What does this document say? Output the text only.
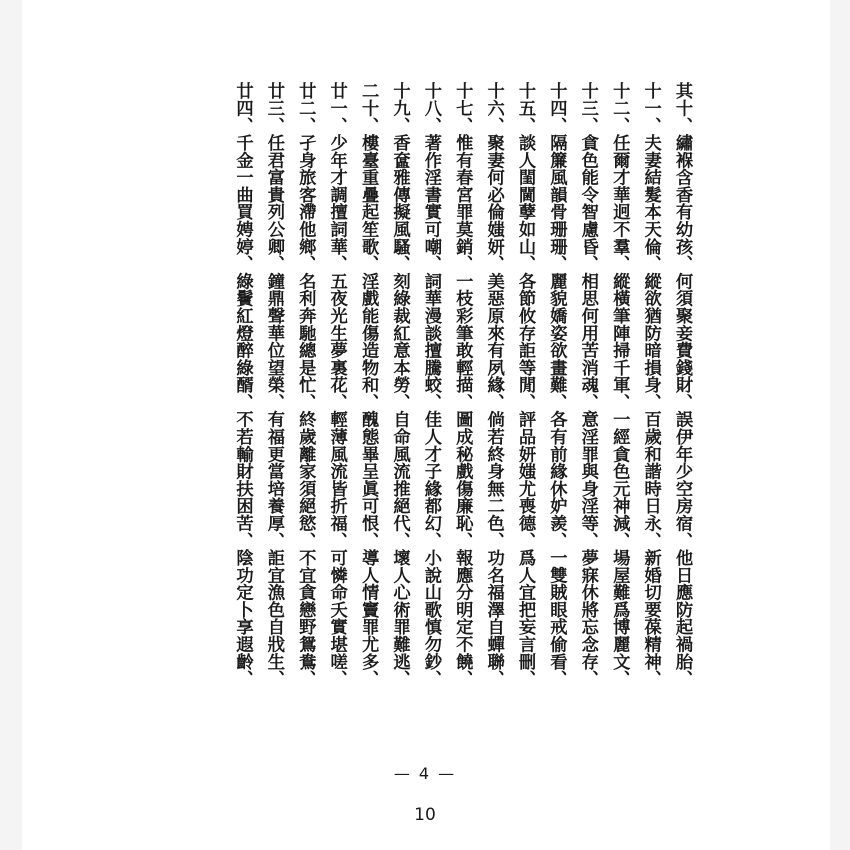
其十、繡褓含香有幼孩、何須聚妾費錢財、誤伊年少空房宿、他日應防起禍胎、
十一、夫妻結髮本天倫、縱欲猶防暗損身、百歲和諧時日永、新婚切要葆精神、
十二、任爾才華迥不羣、縱橫筆陣掃千軍、一經貪色元神減、場屋難爲博麗文、
十三、貪色能令智慮昏、相思何用苦消魂、意淫罪與身淫等、夢寐休將忘念存、
十四、隔簾風韻骨珊珊、麗貌嬌姿欲畫難、各有前緣休妒羨、一雙賊眼戒偷看、
十五、談人閨閫孽如山、各節攸存詎等閒、評品妍媸尤喪德、爲人宜把妄言刪、
十六、聚妻何必倫媸妍、美惡原來有夙緣、倘若終身無二色、功名福澤自蟬聯、
十七、惟有春宮罪莫銷、一枝彩筆敢輕描、圖成秘戲傷廉恥、報應分明定不饒、
十八、著作淫書實可嘲、詞華漫談擅騰蛟、佳人才子緣都幻、小說山歌慎勿鈔、
十九、香奩雅傳擬風騷、刻綠裁紅意本勞、自命風流推絕代、壞人心術罪難逃、
二十、樓臺重疊起笙歌、淫戲能傷造物和、醜態畢呈眞可恨、導人情竇罪尤多、
廿一、少年才調擅詞華、五夜光生夢裏花、輕薄風流皆折福、可憐命夭實堪嗟、
廿二、孑身旅客滯他鄉、名利奔馳總是忙、終歲離家須絕慾、不宜貪戀野鴛鴦、
廿三、任君富貴列公卿、鐘鼎聲華位望榮、有福更當培養厚、詎宜漁色自戕生、
廿四、千金一曲買娉婷、綠鬢紅燈醉綠醑、不若輸財扶困苦、陰功定卜享遐齡、
— 4 —
10
